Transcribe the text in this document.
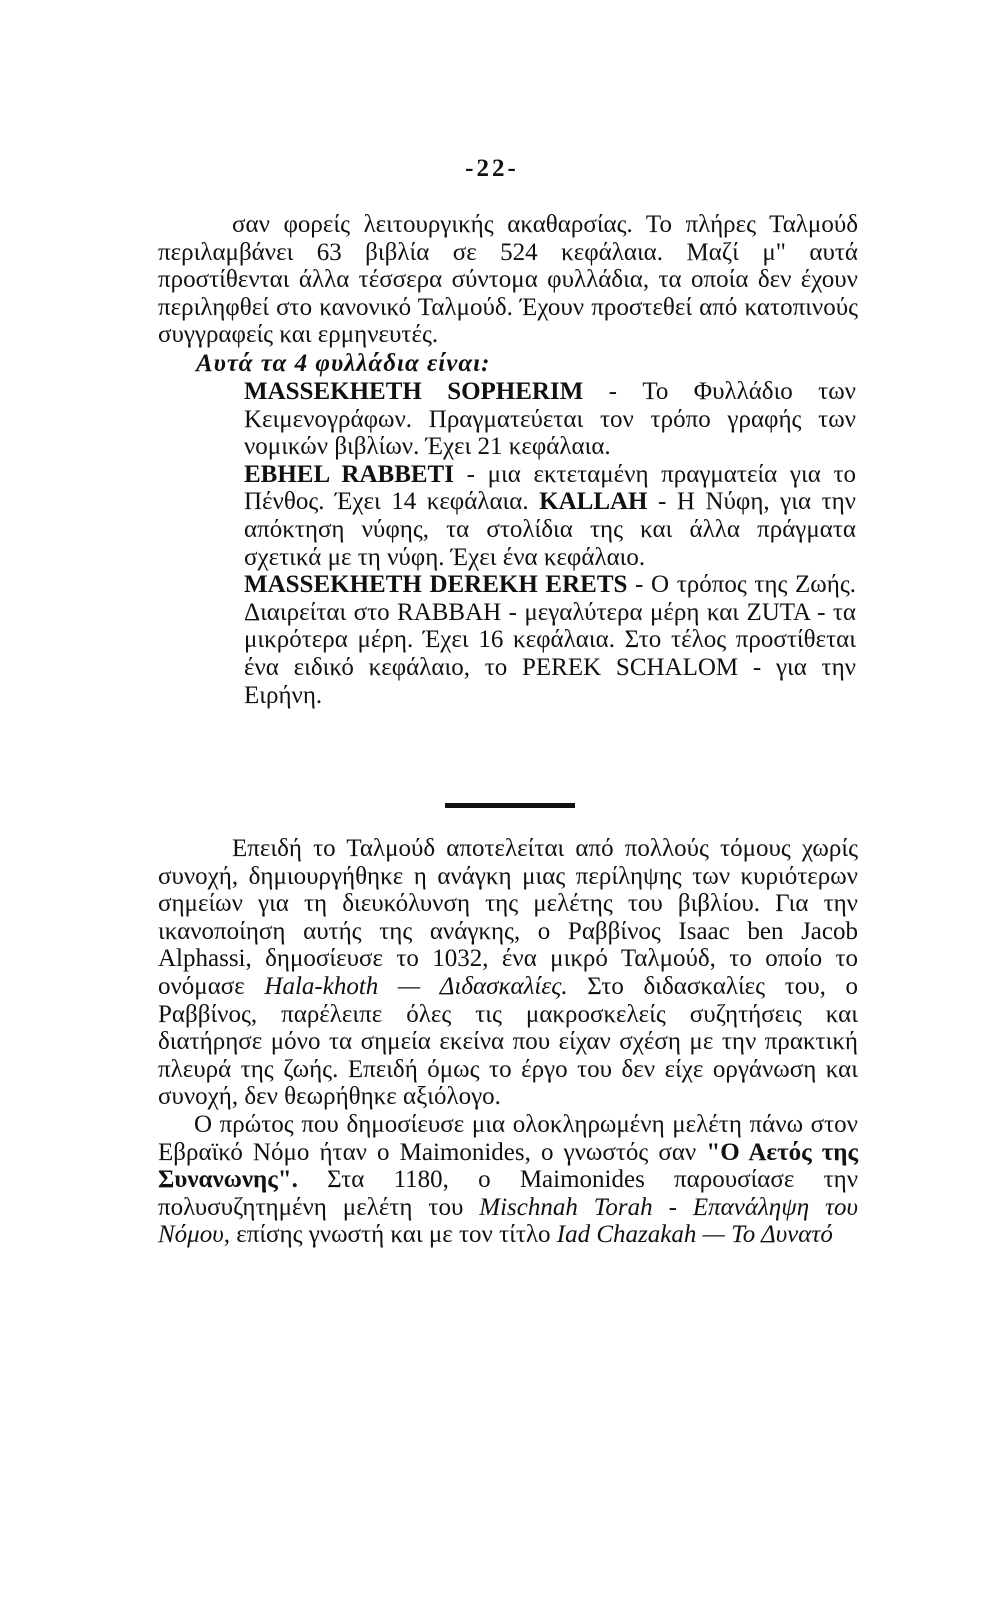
-22-

σαν φορείς λειτουργικής ακαθαρσίας. Το πλήρες Ταλμούδ περιλαμβάνει 63 βιβλία σε 524 κεφάλαια. Μαζί μ" αυτά προστίθενται άλλα τέσσερα σύντομα φυλλάδια, τα οποία δεν έχουν περιληφθεί στο κανονικό Ταλμούδ. Έχουν προστεθεί από κατοπινούς συγγραφείς και ερμηνευτές.

Αυτά τα 4 φυλλάδια είναι:

MASSEKHETH SOPHERIM - Το Φυλλάδιο των Κειμενογράφων. Πραγματεύεται τον τρόπο γραφής των νομικών βιβλίων. Έχει 21 κεφάλαια.

EBHEL RABBETI - μια εκτεταμένη πραγματεία για το Πένθος. Έχει 14 κεφάλαια. KALLAH - Η Νύφη, για την απόκτηση νύφης, τα στολίδια της και άλλα πράγματα σχετικά με τη νύφη. Έχει ένα κεφάλαιο.

MASSEKHETH DEREKH ERETS - Ο τρόπος της Ζωής. Διαιρείται στο RABBAH - μεγαλύτερα μέρη και ZUTA - τα μικρότερα μέρη. Έχει 16 κεφάλαια. Στο τέλος προστίθεται ένα ειδικό κεφάλαιο, το PEREK SCHALOM - για την Ειρήνη.

Επειδή το Ταλμούδ αποτελείται από πολλούς τόμους χωρίς συνοχή, δημιουργήθηκε η ανάγκη μιας περίληψης των κυριότερων σημείων για τη διευκόλυνση της μελέτης του βιβλίου. Για την ικανοποίηση αυτής της ανάγκης, ο Ραββίνος Isaac ben Jacob Alphassi, δημοσίευσε το 1032, ένα μικρό Ταλμούδ, το οποίο το ονόμασε Hala-khoth — Διδασκαλίες. Στο διδασκαλίες του, ο Ραββίνος, παρέλειπε όλες τις μακροσκελείς συζητήσεις και διατήρησε μόνο τα σημεία εκείνα που είχαν σχέση με την πρακτική πλευρά της ζωής. Επειδή όμως το έργο του δεν είχε οργάνωση και συνοχή, δεν θεωρήθηκε αξιόλογο.

Ο πρώτος που δημοσίευσε μια ολοκληρωμένη μελέτη πάνω στον Εβραϊκό Νόμο ήταν ο Maimonides, ο γνωστός σαν "Ο Αετός της Συνανωνης". Στα 1180, ο Maimonides παρουσίασε την πολυσυζητημένη μελέτη του Mischnah Torah - Επανάληψη του Νόμου, επίσης γνωστή και με τον τίτλο Iad Chazakah — Το Δυνατό
